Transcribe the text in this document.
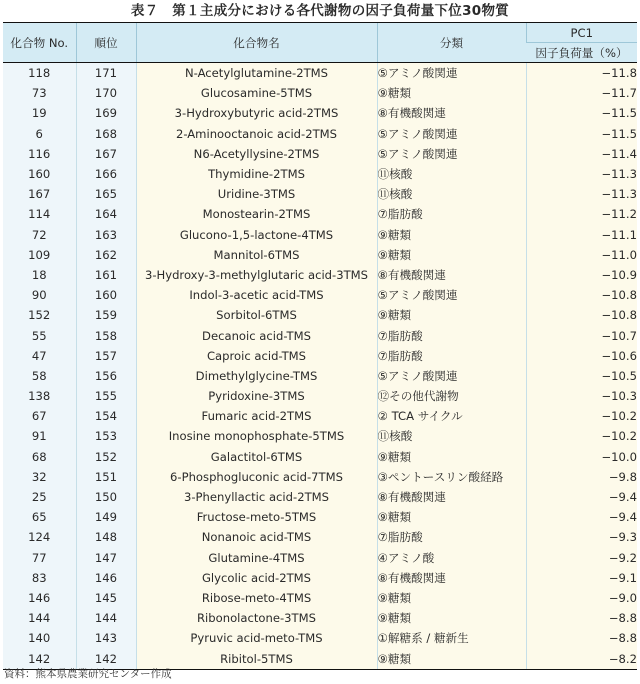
表７　第１主成分における各代謝物の因子負荷量下位30物質
化合物 No.	順位	化合物名	分類	PC1
				因子負荷量（%）
118	171	N-Acetylglutamine-2TMS	⑤アミノ酸関連	−11.8
73	170	Glucosamine-5TMS	⑨糖類	−11.7
19	169	3-Hydroxybutyric acid-2TMS	⑧有機酸関連	−11.5
6	168	2-Aminooctanoic acid-2TMS	⑤アミノ酸関連	−11.5
116	167	N6-Acetyllysine-2TMS	⑤アミノ酸関連	−11.4
160	166	Thymidine-2TMS	⑪核酸	−11.3
167	165	Uridine-3TMS	⑪核酸	−11.3
114	164	Monostearin-2TMS	⑦脂肪酸	−11.2
72	163	Glucono-1,5-lactone-4TMS	⑨糖類	−11.1
109	162	Mannitol-6TMS	⑨糖類	−11.0
18	161	3-Hydroxy-3-methylglutaric acid-3TMS	⑧有機酸関連	−10.9
90	160	Indol-3-acetic acid-TMS	⑤アミノ酸関連	−10.8
152	159	Sorbitol-6TMS	⑨糖類	−10.8
55	158	Decanoic acid-TMS	⑦脂肪酸	−10.7
47	157	Caproic acid-TMS	⑦脂肪酸	−10.6
58	156	Dimethylglycine-TMS	⑤アミノ酸関連	−10.5
138	155	Pyridoxine-3TMS	⑫その他代謝物	−10.3
67	154	Fumaric acid-2TMS	② TCA サイクル	−10.2
91	153	Inosine monophosphate-5TMS	⑪核酸	−10.2
68	152	Galactitol-6TMS	⑨糖類	−10.0
32	151	6-Phosphogluconic acid-7TMS	③ペントースリン酸経路	−9.8
25	150	3-Phenyllactic acid-2TMS	⑧有機酸関連	−9.4
65	149	Fructose-meto-5TMS	⑨糖類	−9.4
124	148	Nonanoic acid-TMS	⑦脂肪酸	−9.3
77	147	Glutamine-4TMS	④アミノ酸	−9.2
83	146	Glycolic acid-2TMS	⑧有機酸関連	−9.1
146	145	Ribose-meto-4TMS	⑨糖類	−9.0
144	144	Ribonolactone-3TMS	⑨糖類	−8.8
140	143	Pyruvic acid-meto-TMS	①解糖系 / 糖新生	−8.8
142	142	Ribitol-5TMS	⑨糖類	−8.2
資料：熊本県農業研究センター作成
